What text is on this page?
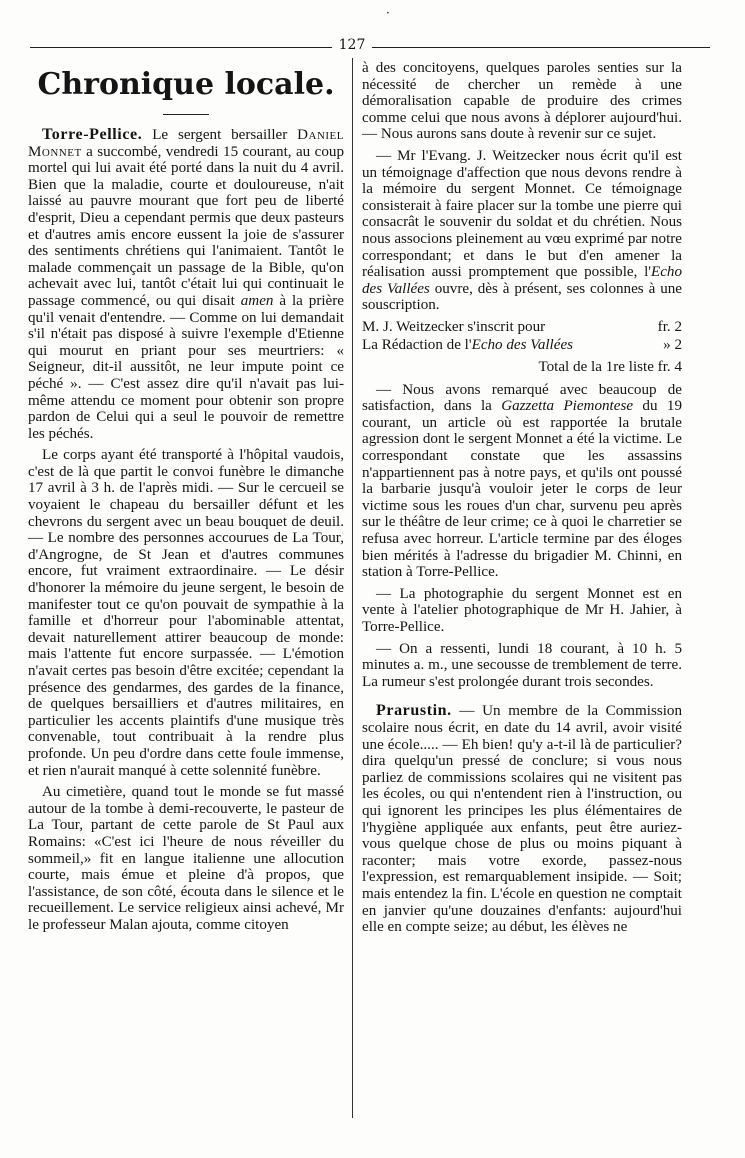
·
127
Chronique locale.

Torre-Pellice. Le sergent bersailler Daniel Monnet a succombé, vendredi 15 courant, au coup mortel qui lui avait été porté dans la nuit du 4 avril. Bien que la maladie, courte et douloureuse, n'ait laissé au pauvre mourant que fort peu de liberté d'esprit, Dieu a cependant permis que deux pasteurs et d'autres amis encore eussent la joie de s'assurer des sentiments chrétiens qui l'animaient. Tantôt le malade commençait un passage de la Bible, qu'on achevait avec lui, tantôt c'était lui qui continuait le passage commencé, ou qui disait amen à la prière qu'il venait d'entendre. — Comme on lui demandait s'il n'était pas disposé à suivre l'exemple d'Etienne qui mourut en priant pour ses meurtriers: « Seigneur, dit-il aussitôt, ne leur impute point ce péché ». — C'est assez dire qu'il n'avait pas lui-même attendu ce moment pour obtenir son propre pardon de Celui qui a seul le pouvoir de remettre les péchés.

Le corps ayant été transporté à l'hôpital vaudois, c'est de là que partit le convoi funèbre le dimanche 17 avril à 3 h. de l'après midi. — Sur le cercueil se voyaient le chapeau du bersailler défunt et les chevrons du sergent avec un beau bouquet de deuil. — Le nombre des personnes accourues de La Tour, d'Angrogne, de St Jean et d'autres communes encore, fut vraiment extraordinaire. — Le désir d'honorer la mémoire du jeune sergent, le besoin de manifester tout ce qu'on pouvait de sympathie à la famille et d'horreur pour l'abominable attentat, devait naturellement attirer beaucoup de monde: mais l'attente fut encore surpassée. — L'émotion n'avait certes pas besoin d'être excitée; cependant la présence des gendarmes, des gardes de la finance, de quelques bersailliers et d'autres militaires, en particulier les accents plaintifs d'une musique très convenable, tout contribuait à la rendre plus profonde. Un peu d'ordre dans cette foule immense, et rien n'aurait manqué à cette solennité funèbre.

Au cimetière, quand tout le monde se fut massé autour de la tombe à demi-recouverte, le pasteur de La Tour, partant de cette parole de St Paul aux Romains: «C'est ici l'heure de nous réveiller du sommeil,» fit en langue italienne une allocution courte, mais émue et pleine d'à propos, que l'assistance, de son côté, écouta dans le silence et le recueillement. Le service religieux ainsi achevé, Mr le professeur Malan ajouta, comme citoyen

à des concitoyens, quelques paroles senties sur la nécessité de chercher un remède à une démoralisation capable de produire des crimes comme celui que nous avons à déplorer aujourd'hui. — Nous aurons sans doute à revenir sur ce sujet.

— Mr l'Evang. J. Weitzecker nous écrit qu'il est un témoignage d'affection que nous devons rendre à la mémoire du sergent Monnet. Ce témoignage consisterait à faire placer sur la tombe une pierre qui consacrât le souvenir du soldat et du chrétien. Nous nous associons pleinement au vœu exprimé par notre correspondant; et dans le but d'en amener la réalisation aussi promptement que possible, l'Echo des Vallées ouvre, dès à présent, ses colonnes à une souscription.

M. J. Weitzecker s'inscrit pour	fr. 2
La Rédaction de l'Echo des Vallées	» 2
Total de la 1re liste fr. 4

— Nous avons remarqué avec beaucoup de satisfaction, dans la Gazzetta Piemontese du 19 courant, un article où est rapportée la brutale agression dont le sergent Monnet a été la victime. Le correspondant constate que les assassins n'appartiennent pas à notre pays, et qu'ils ont poussé la barbarie jusqu'à vouloir jeter le corps de leur victime sous les roues d'un char, survenu peu après sur le théâtre de leur crime; ce à quoi le charretier se refusa avec horreur. L'article termine par des éloges bien mérités à l'adresse du brigadier M. Chinni, en station à Torre-Pellice.

— La photographie du sergent Monnet est en vente à l'atelier photographique de Mr H. Jahier, à Torre-Pellice.

— On a ressenti, lundi 18 courant, à 10 h. 5 minutes a. m., une secousse de tremblement de terre. La rumeur s'est prolongée durant trois secondes.

Prarustin. — Un membre de la Commission scolaire nous écrit, en date du 14 avril, avoir visité une école..... — Eh bien! qu'y a-t-il là de particulier? dira quelqu'un pressé de conclure; si vous nous parliez de commissions scolaires qui ne visitent pas les écoles, ou qui n'entendent rien à l'instruction, ou qui ignorent les principes les plus élémentaires de l'hygiène appliquée aux enfants, peut être auriez-vous quelque chose de plus ou moins piquant à raconter; mais votre exorde, passez-nous l'expression, est remarquablement insipide. — Soit; mais entendez la fin. L'école en question ne comptait en janvier qu'une douzaines d'enfants: aujourd'hui elle en compte seize; au début, les élèves ne
